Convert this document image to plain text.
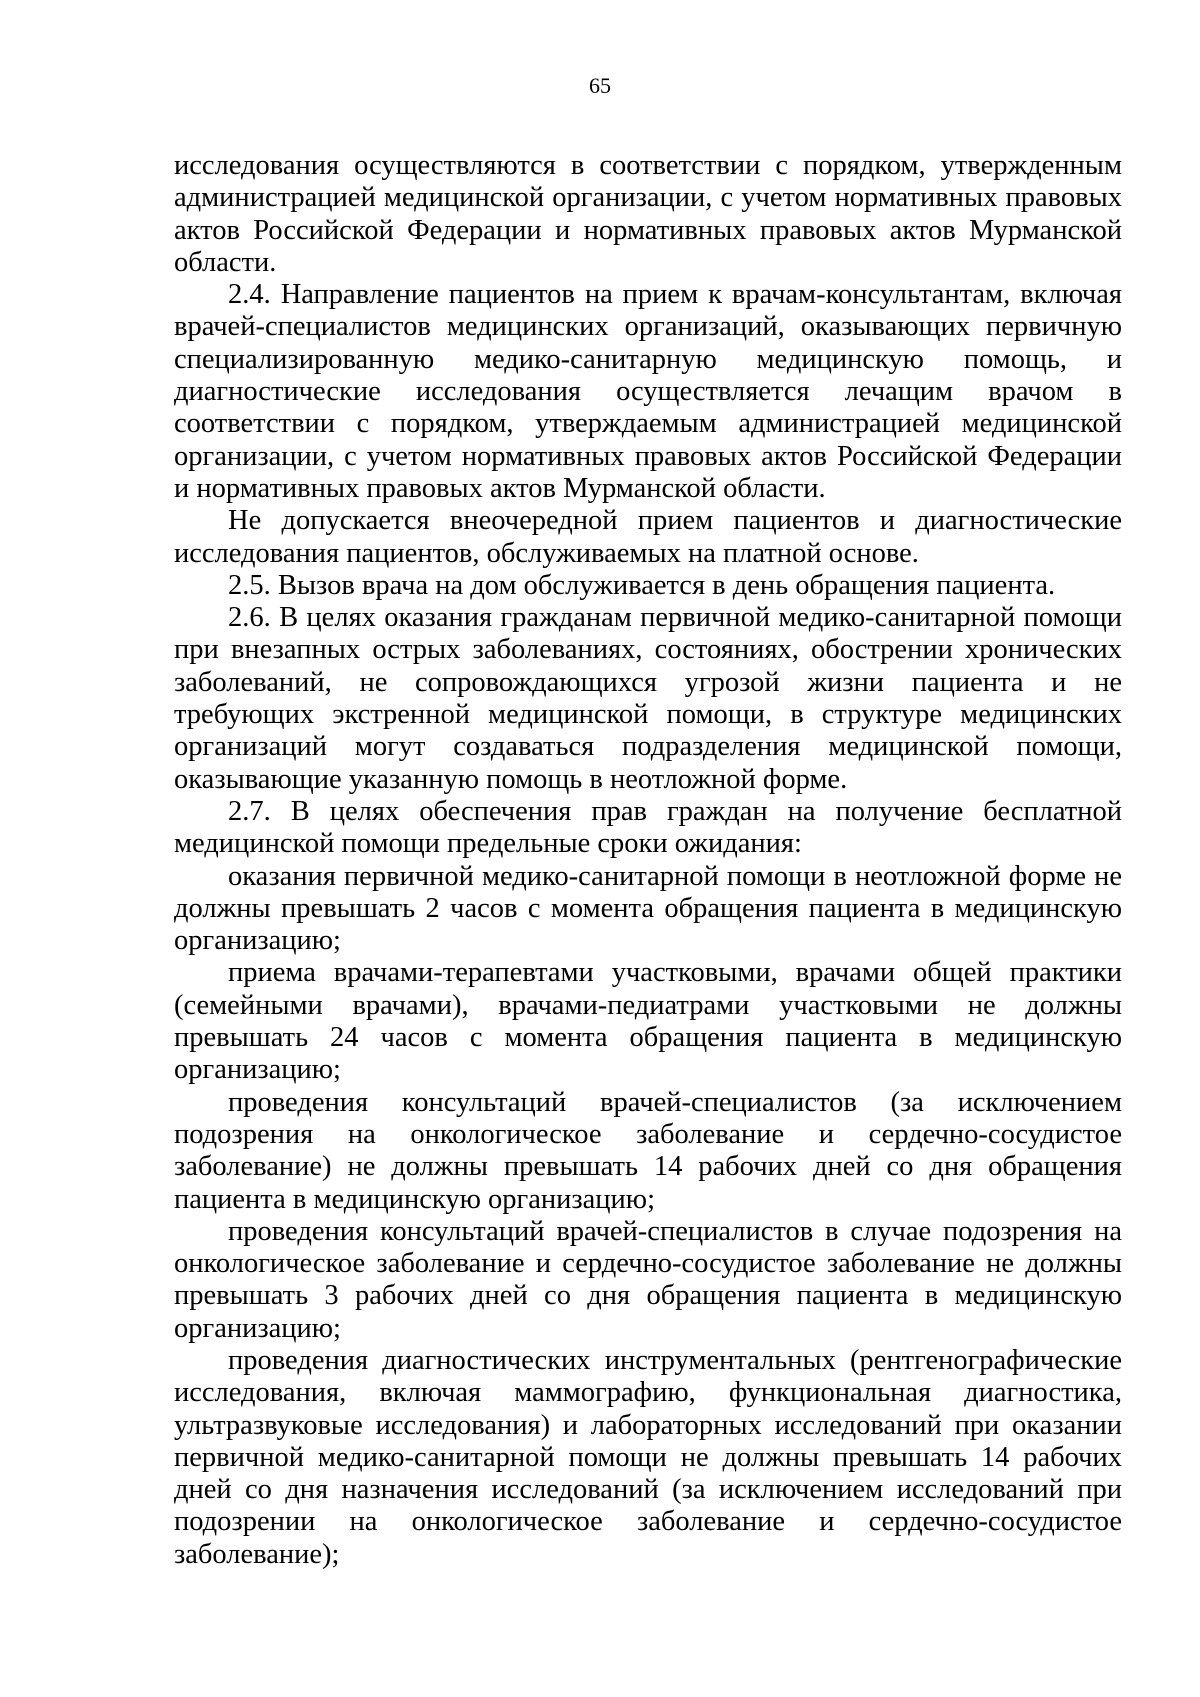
65

исследования осуществляются в соответствии с порядком, утвержденным администрацией медицинской организации, с учетом нормативных правовых актов Российской Федерации и нормативных правовых актов Мурманской области.

2.4. Направление пациентов на прием к врачам-консультантам, включая врачей-специалистов медицинских организаций, оказывающих первичную специализированную медико-санитарную медицинскую помощь, и диагностические исследования осуществляется лечащим врачом в соответствии с порядком, утверждаемым администрацией медицинской организации, с учетом нормативных правовых актов Российской Федерации и нормативных правовых актов Мурманской области.

Не допускается внеочередной прием пациентов и диагностические исследования пациентов, обслуживаемых на платной основе.

2.5. Вызов врача на дом обслуживается в день обращения пациента.

2.6. В целях оказания гражданам первичной медико-санитарной помощи при внезапных острых заболеваниях, состояниях, обострении хронических заболеваний, не сопровождающихся угрозой жизни пациента и не требующих экстренной медицинской помощи, в структуре медицинских организаций могут создаваться подразделения медицинской помощи, оказывающие указанную помощь в неотложной форме.

2.7. В целях обеспечения прав граждан на получение бесплатной медицинской помощи предельные сроки ожидания:

оказания первичной медико-санитарной помощи в неотложной форме не должны превышать 2 часов с момента обращения пациента в медицинскую организацию;

приема врачами-терапевтами участковыми, врачами общей практики (семейными врачами), врачами-педиатрами участковыми не должны превышать 24 часов с момента обращения пациента в медицинскую организацию;

проведения консультаций врачей-специалистов (за исключением подозрения на онкологическое заболевание и сердечно-сосудистое заболевание) не должны превышать 14 рабочих дней со дня обращения пациента в медицинскую организацию;

проведения консультаций врачей-специалистов в случае подозрения на онкологическое заболевание и сердечно-сосудистое заболевание не должны превышать 3 рабочих дней со дня обращения пациента в медицинскую организацию;

проведения диагностических инструментальных (рентгенографические исследования, включая маммографию, функциональная диагностика, ультразвуковые исследования) и лабораторных исследований при оказании первичной медико-санитарной помощи не должны превышать 14 рабочих дней со дня назначения исследований (за исключением исследований при подозрении на онкологическое заболевание и сердечно-сосудистое заболевание);
